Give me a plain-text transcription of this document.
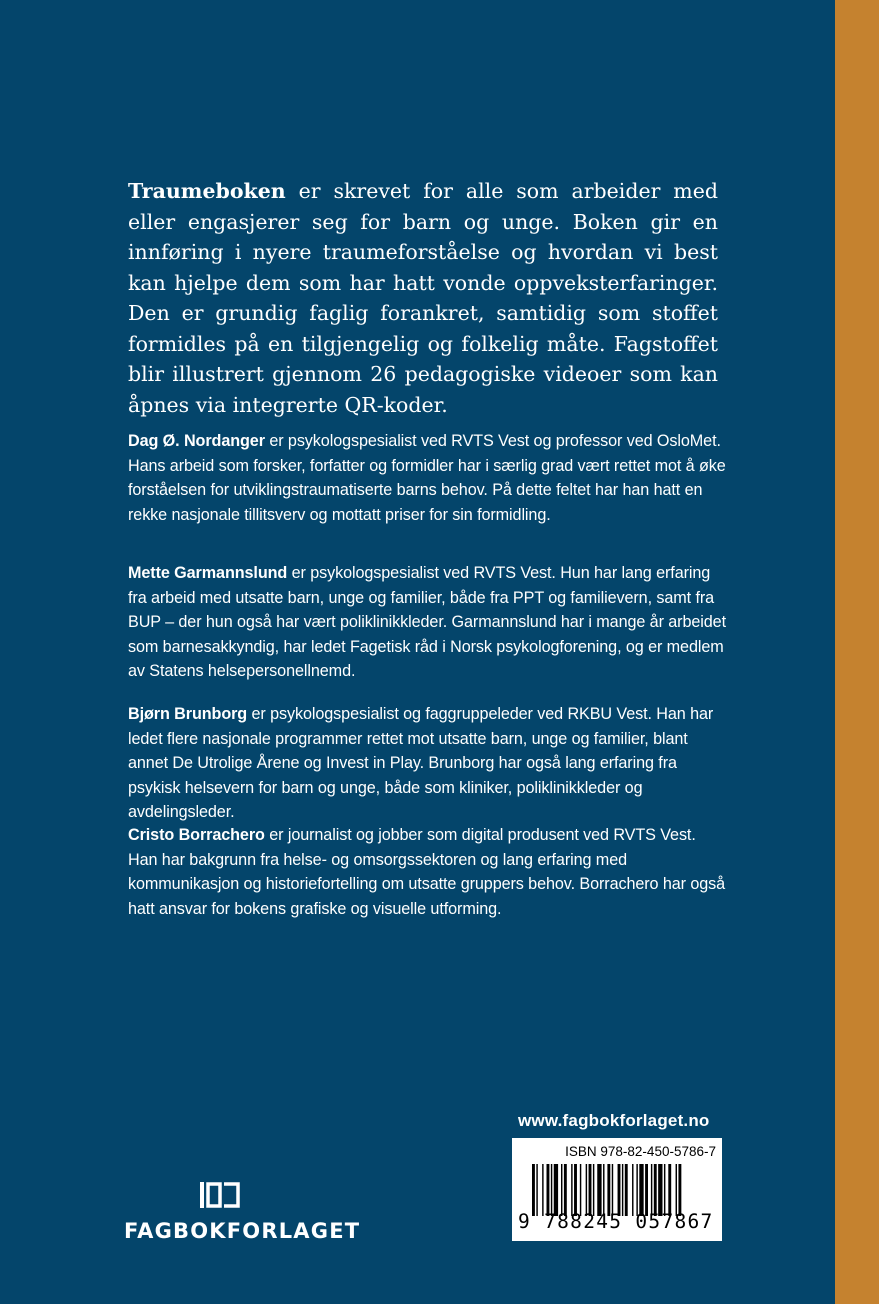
Traumeboken er skrevet for alle som arbeider med eller engasjerer seg for barn og unge. Boken gir en innføring i nyere traumeforståelse og hvordan vi best kan hjelpe dem som har hatt vonde oppveksterfaringer. Den er grundig faglig forankret, samtidig som stoffet formidles på en tilgjengelig og folkelig måte. Fagstoffet blir illustrert gjennom 26 pedagogiske videoer som kan åpnes via integrerte QR-koder.

Dag Ø. Nordanger er psykologspesialist ved RVTS Vest og professor ved OsloMet. Hans arbeid som forsker, forfatter og formidler har i særlig grad vært rettet mot å øke forståelsen for utviklingstraumatiserte barns behov. På dette feltet har han hatt en rekke nasjonale tillitsverv og mottatt priser for sin formidling.

Mette Garmannslund er psykologspesialist ved RVTS Vest. Hun har lang erfaring fra arbeid med utsatte barn, unge og familier, både fra PPT og familievern, samt fra BUP – der hun også har vært poliklinikkleder. Garmannslund har i mange år arbeidet som barnesakkyndig, har ledet Fagetisk råd i Norsk psykologforening, og er medlem av Statens helsepersonellnemd.

Bjørn Brunborg er psykologspesialist og faggruppeleder ved RKBU Vest. Han har ledet flere nasjonale programmer rettet mot utsatte barn, unge og familier, blant annet De Utrolige Årene og Invest in Play. Brunborg har også lang erfaring fra psykisk helsevern for barn og unge, både som kliniker, poliklinikkleder og avdelingsleder.

Cristo Borrachero er journalist og jobber som digital produsent ved RVTS Vest. Han har bakgrunn fra helse- og omsorgssektoren og lang erfaring med kommunikasjon og historiefortelling om utsatte gruppers behov. Borrachero har også hatt ansvar for bokens grafiske og visuelle utforming.

www.fagbokforlaget.no
ISBN 978-82-450-5786-7
9 788245 057867
FAGBOKFORLAGET
